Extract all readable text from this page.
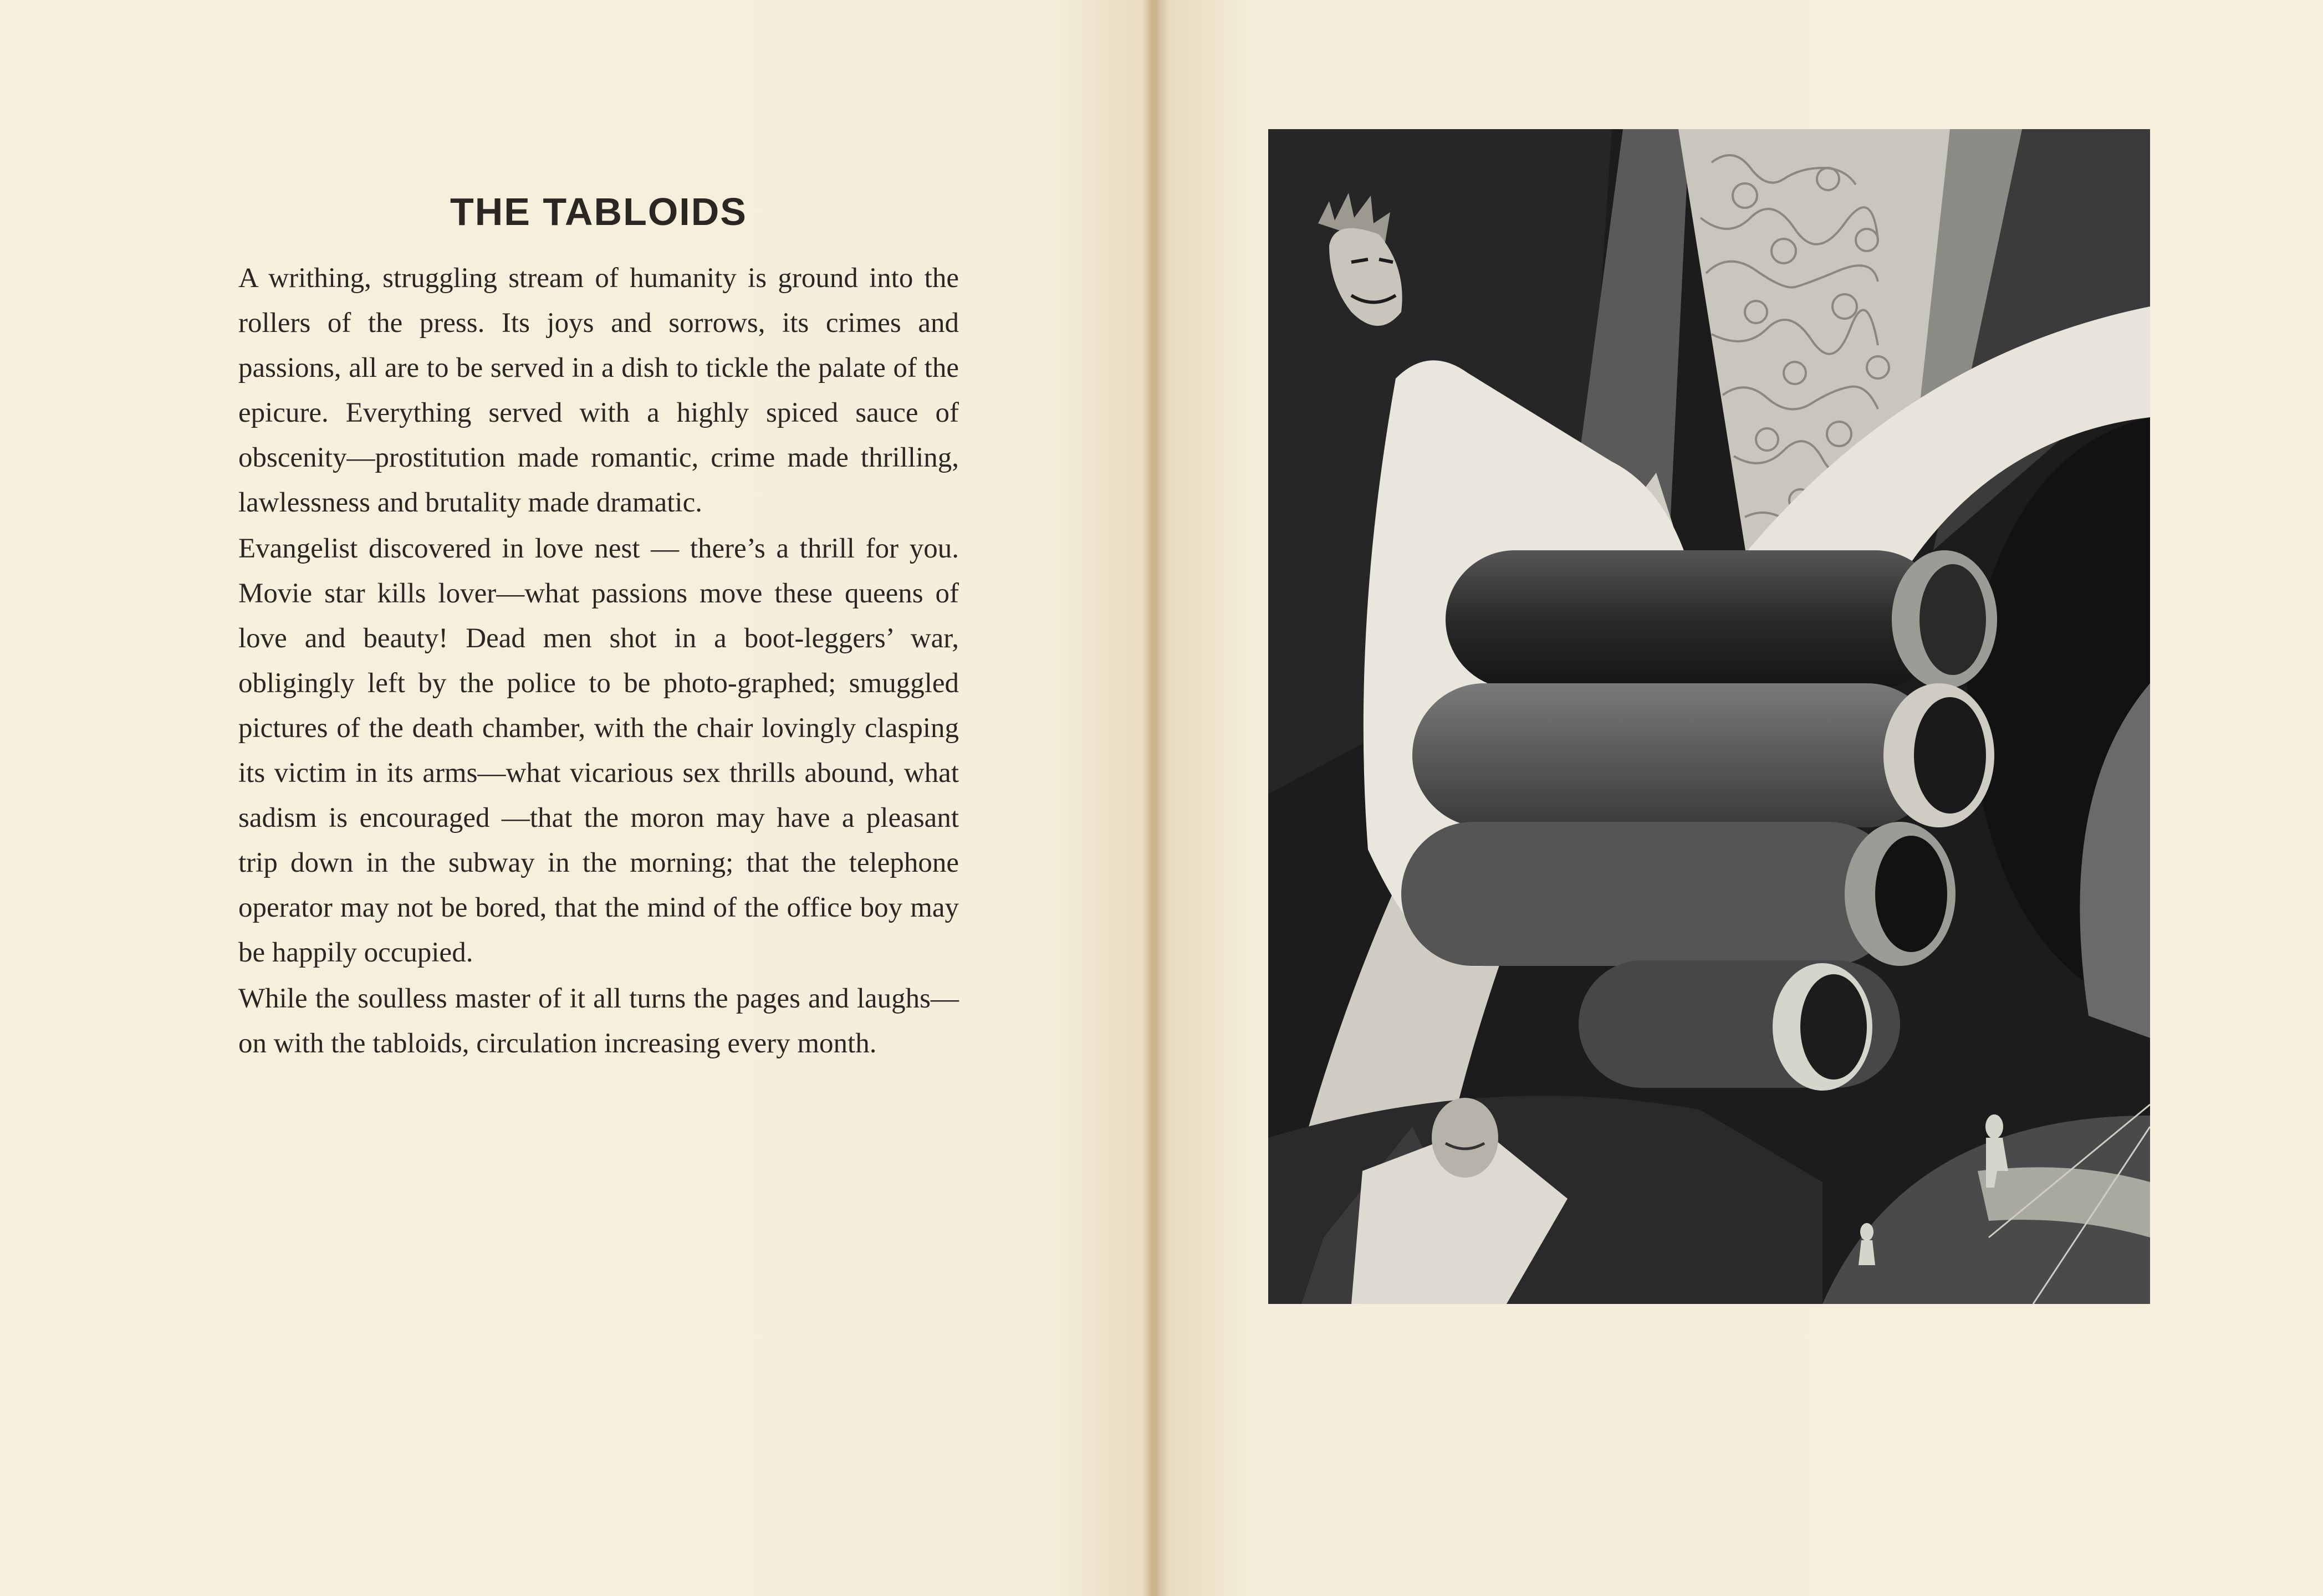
THE TABLOIDS

A writhing, struggling stream of humanity is ground into the rollers of the press. Its joys and sorrows, its crimes and passions, all are to be served in a dish to tickle the palate of the epicure. Everything served with a highly spiced sauce of obscenity—prostitution made romantic, crime made thrilling, lawlessness and brutality made dramatic.

Evangelist discovered in love nest — there’s a thrill for you. Movie star kills lover—what passions move these queens of love and beauty! Dead men shot in a boot-leggers’ war, obligingly left by the police to be photo-graphed; smuggled pictures of the death chamber, with the chair lovingly clasping its victim in its arms—what vicarious sex thrills abound, what sadism is encouraged —that the moron may have a pleasant trip down in the subway in the morning; that the telephone operator may not be bored, that the mind of the office boy may be happily occupied.

While the soulless master of it all turns the pages and laughs—on with the tabloids, circulation increasing every month.
